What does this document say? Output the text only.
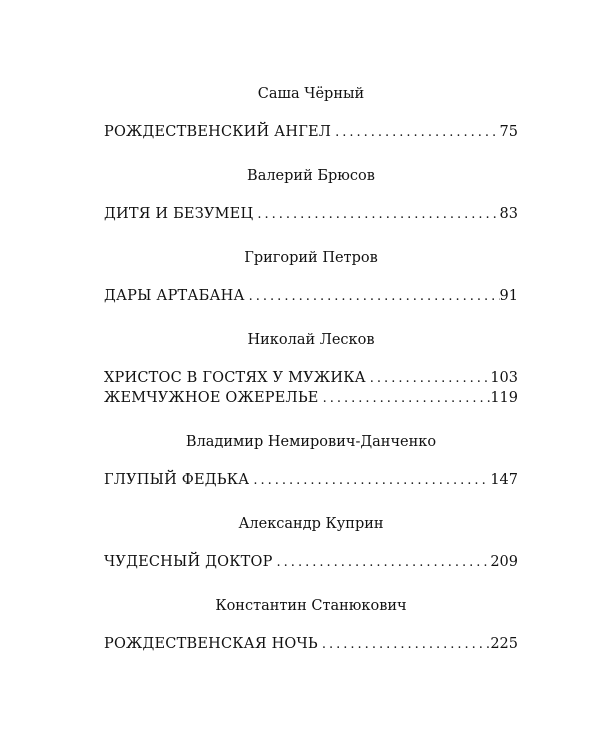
Саша Чёрный

РОЖДЕСТВЕНСКИЙ АНГЕЛ .....	75

Валерий Брюсов

ДИТЯ И БЕЗУМЕЦ .....	83

Григорий Петров

ДАРЫ АРТАБАНА .....	91

Николай Лесков

ХРИСТОС В ГОСТЯХ У МУЖИКА .....	103
ЖЕМЧУЖНОЕ ОЖЕРЕЛЬЕ .....	119

Владимир Немирович-Данченко

ГЛУПЫЙ ФЕДЬКА .....	147

Александр Куприн

ЧУДЕСНЫЙ ДОКТОР .....	209

Константин Станюкович

РОЖДЕСТВЕНСКАЯ НОЧЬ .....	225
